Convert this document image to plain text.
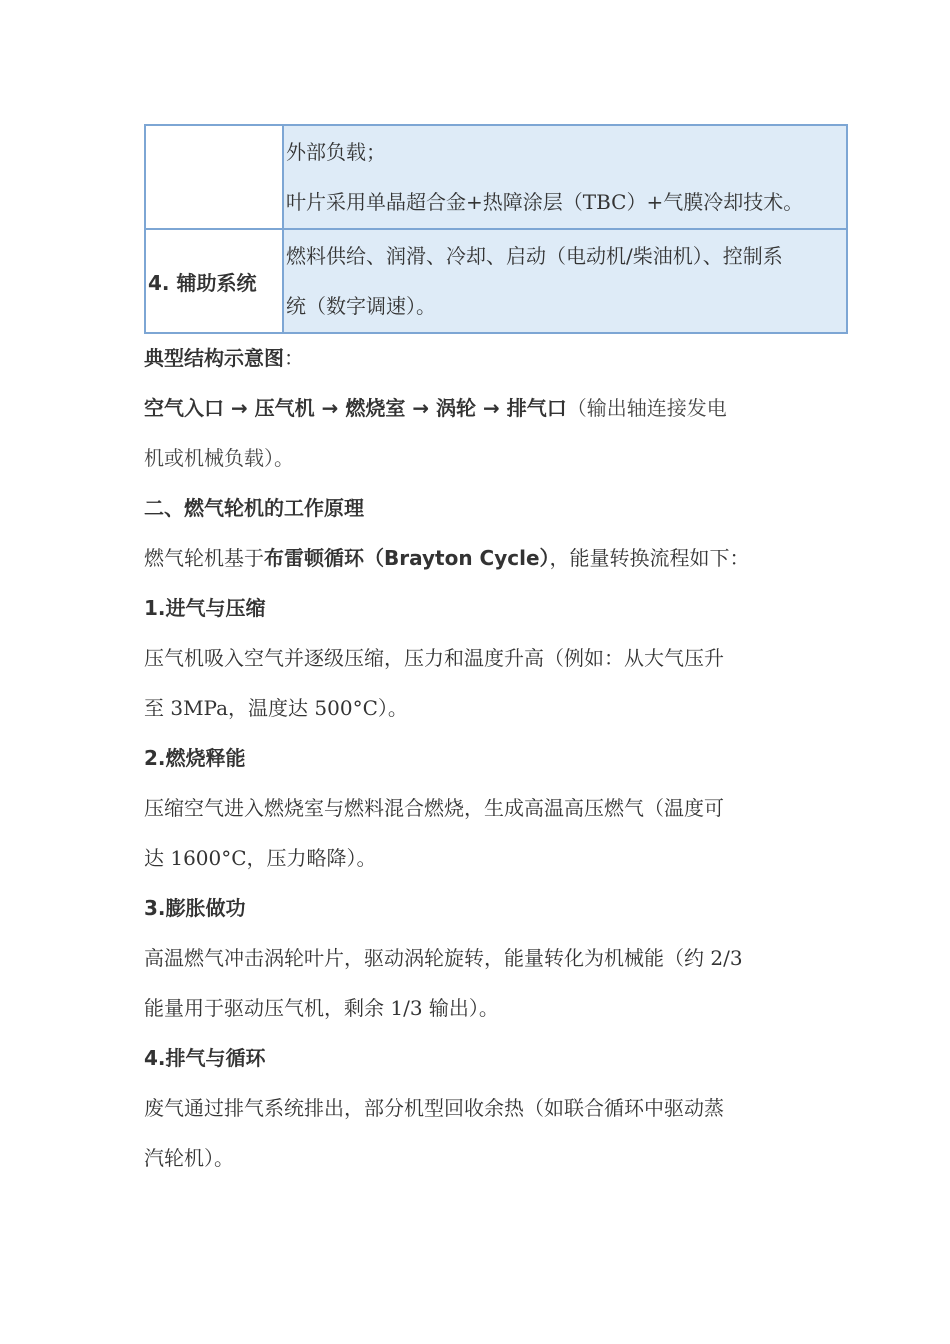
	外部负载；

叶片采用单晶超合金+热障涂层（TBC）+气膜冷却技术。

4. 辅助系统	燃料供给、润滑、冷却、启动（电动机/柴油机）、控制系

统（数字调速）。

典型结构示意图：

空气入口 → 压气机 → 燃烧室 → 涡轮 → 排气口（输出轴连接发电

机或机械负载）。

二、燃气轮机的工作原理

燃气轮机基于布雷顿循环（Brayton Cycle），能量转换流程如下：

1.进气与压缩

压气机吸入空气并逐级压缩，压力和温度升高（例如：从大气压升

至 3MPa，温度达 500°C）。

2.燃烧释能

压缩空气进入燃烧室与燃料混合燃烧，生成高温高压燃气（温度可

达 1600°C，压力略降）。

3.膨胀做功

高温燃气冲击涡轮叶片，驱动涡轮旋转，能量转化为机械能（约 2/3

能量用于驱动压气机，剩余 1/3 输出）。

4.排气与循环

废气通过排气系统排出，部分机型回收余热（如联合循环中驱动蒸

汽轮机）。
